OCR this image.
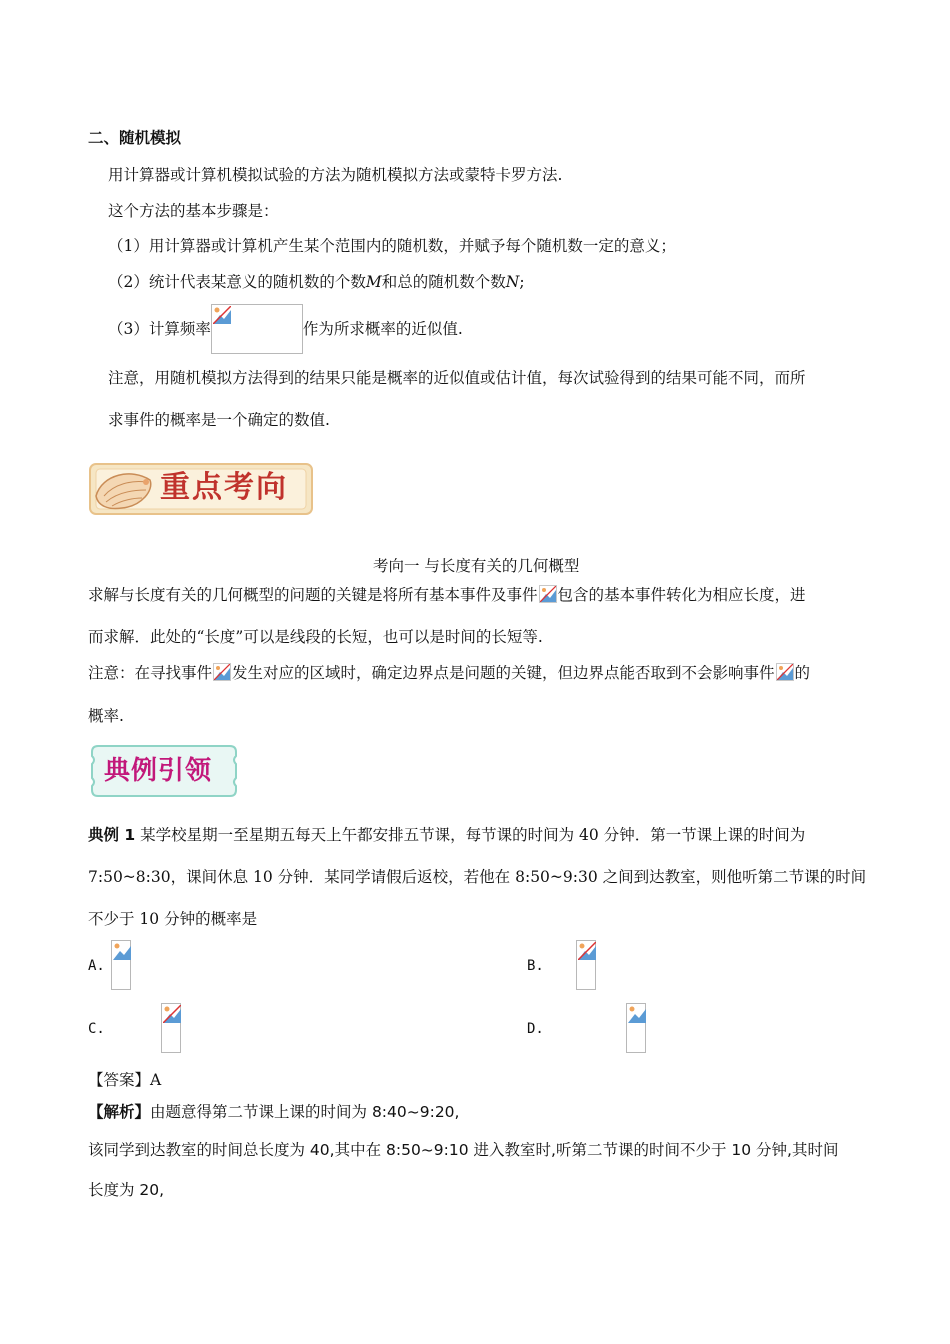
二、随机模拟
用计算器或计算机模拟试验的方法为随机模拟方法或蒙特卡罗方法.
这个方法的基本步骤是：
（1）用计算器或计算机产生某个范围内的随机数，并赋予每个随机数一定的意义；
（2）统计代表某意义的随机数的个数M和总的随机数个数N;
（3）计算频率	作为所求概率的近似值.
注意，用随机模拟方法得到的结果只能是概率的近似值或估计值，每次试验得到的结果可能不同，而所
求事件的概率是一个确定的数值.
重点考向
考向一 与长度有关的几何概型
求解与长度有关的几何概型的问题的关键是将所有基本事件及事件 包含的基本事件转化为相应长度，进
而求解．此处的“长度”可以是线段的长短，也可以是时间的长短等.
注意：在寻找事件 发生对应的区域时，确定边界点是问题的关键，但边界点能否取到不会影响事件 的
概率.
典例引领
典例 1 某学校星期一至星期五每天上午都安排五节课，每节课的时间为 40 分钟．第一节课上课的时间为
7:50~8:30，课间休息 10 分钟．某同学请假后返校，若他在 8:50~9:30 之间到达教室，则他听第二节课的时间
不少于 10 分钟的概率是
A.
	B.

C.
	D.
【答案】A
【解析】由题意得第二节课上课的时间为 8:40~9:20,
该同学到达教室的时间总长度为 40,其中在 8:50~9:10 进入教室时,听第二节课的时间不少于 10 分钟,其时间
长度为 20,
